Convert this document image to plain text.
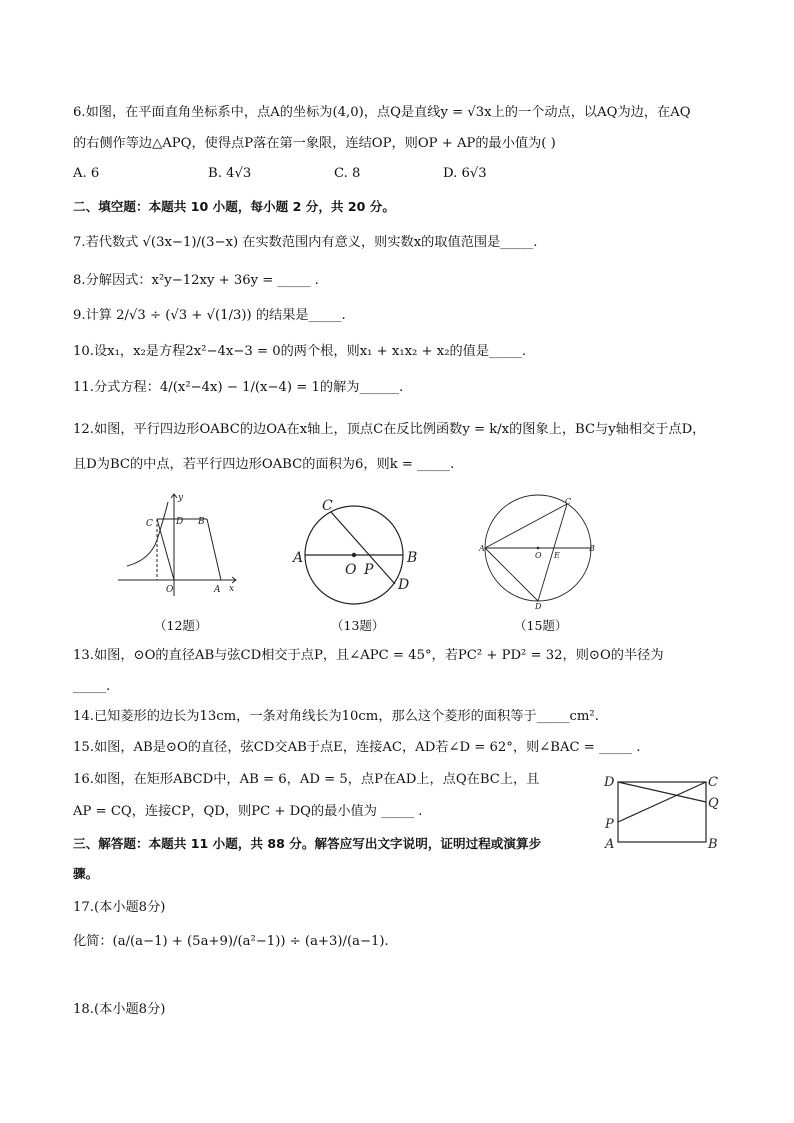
6.如图，在平面直角坐标系中，点A的坐标为(4,0)，点Q是直线y = √3x上的一个动点，以AQ为边，在AQ
的右侧作等边△APQ，使得点P落在第一象限，连结OP，则OP + AP的最小值为( )
A. 6	B. 4√3	C. 8	D. 6√3
二、填空题：本题共 10 小题，每小题 2 分，共 20 分。
7.若代数式 √(3x−1)/(3−x) 在实数范围内有意义，则实数x的取值范围是_____.
8.分解因式：x²y−12xy + 36y = _____ .
9.计算 2/√3 ÷ (√3 + √(1/3)) 的结果是_____.
10.设x₁，x₂是方程2x²−4x−3 = 0的两个根，则x₁ + x₁x₂ + x₂的值是_____.
11.分式方程：4/(x²−4x) − 1/(x−4) = 1的解为______.
12.如图，平行四边形OABC的边OA在x轴上，顶点C在反比例函数y = k/x的图象上，BC与y轴相交于点D，
且D为BC的中点，若平行四边形OABC的面积为6，则k = _____.
C	D B
O	A x
y
（12题）
C
A	B
O P
D
（13题）
C
A
O E
B
D
（15题）
13.如图，⊙O的直径AB与弦CD相交于点P，且∠APC = 45°，若PC² + PD² = 32，则⊙O的半径为
_____.
14.已知菱形的边长为13cm，一条对角线长为10cm，那么这个菱形的面积等于_____cm².
15.如图，AB是⊙O的直径，弦CD交AB于点E，连接AC，AD若∠D = 62°，则∠BAC = _____ .
16.如图，在矩形ABCD中，AB = 6，AD = 5，点P在AD上，点Q在BC上，且
AP = CQ，连接CP，QD，则PC + DQ的最小值为 _____ .
D	C
Q
P
A	B
三、解答题：本题共 11 小题，共 88 分。解答应写出文字说明，证明过程或演算步
骤。
17.(本小题8分)
化简：(a/(a−1) + (5a+9)/(a²−1)) ÷ (a+3)/(a−1).
18.(本小题8分)
